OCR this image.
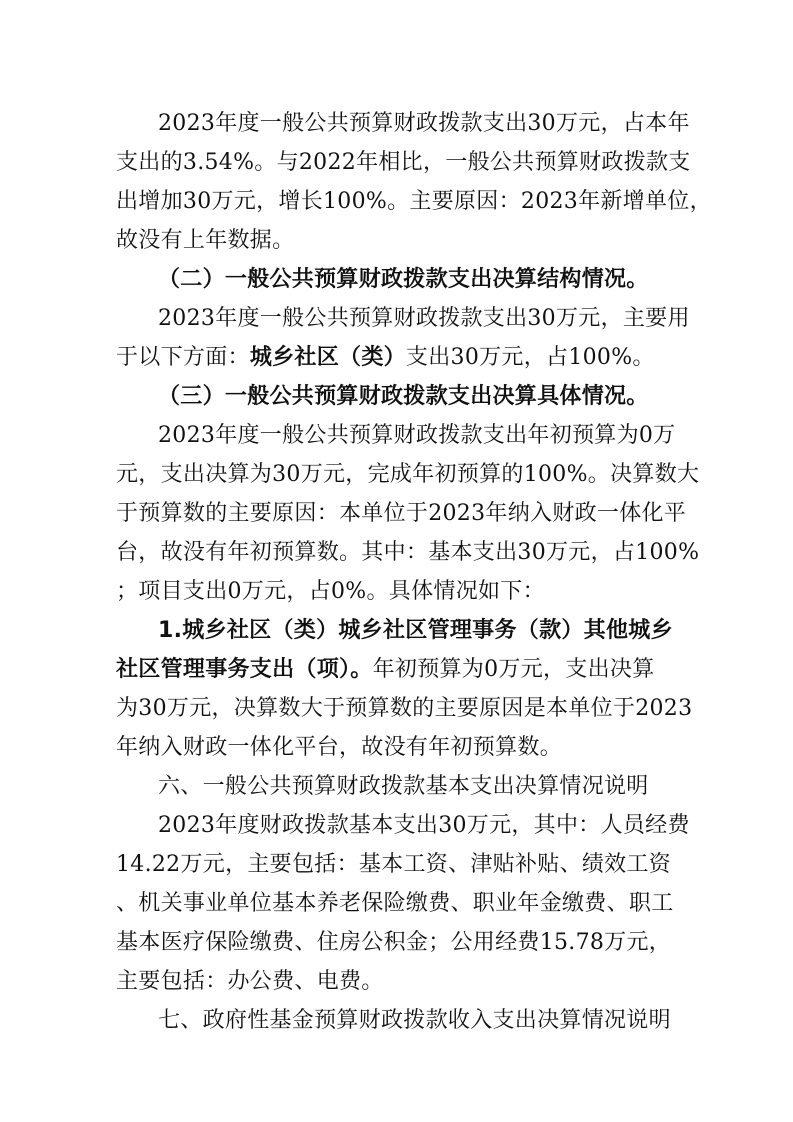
2023年度一般公共预算财政拨款支出30万元，占本年
支出的3.54%。与2022年相比，一般公共预算财政拨款支
出增加30万元，增长100%。主要原因：2023年新增单位，
故没有上年数据。
（二）一般公共预算财政拨款支出决算结构情况。
2023年度一般公共预算财政拨款支出30万元，主要用
于以下方面：城乡社区（类）支出30万元，占100%。
（三）一般公共预算财政拨款支出决算具体情况。
2023年度一般公共预算财政拨款支出年初预算为0万
元，支出决算为30万元，完成年初预算的100%。决算数大
于预算数的主要原因：本单位于2023年纳入财政一体化平
台，故没有年初预算数。其中：基本支出30万元，占100%
；项目支出0万元，占0%。具体情况如下：
1.城乡社区（类）城乡社区管理事务（款）其他城乡
社区管理事务支出（项）。年初预算为0万元，支出决算
为30万元，决算数大于预算数的主要原因是本单位于2023
年纳入财政一体化平台，故没有年初预算数。
六、一般公共预算财政拨款基本支出决算情况说明
2023年度财政拨款基本支出30万元，其中：人员经费
14.22万元，主要包括：基本工资、津贴补贴、绩效工资
、机关事业单位基本养老保险缴费、职业年金缴费、职工
基本医疗保险缴费、住房公积金；公用经费15.78万元，
主要包括：办公费、电费。
七、政府性基金预算财政拨款收入支出决算情况说明
